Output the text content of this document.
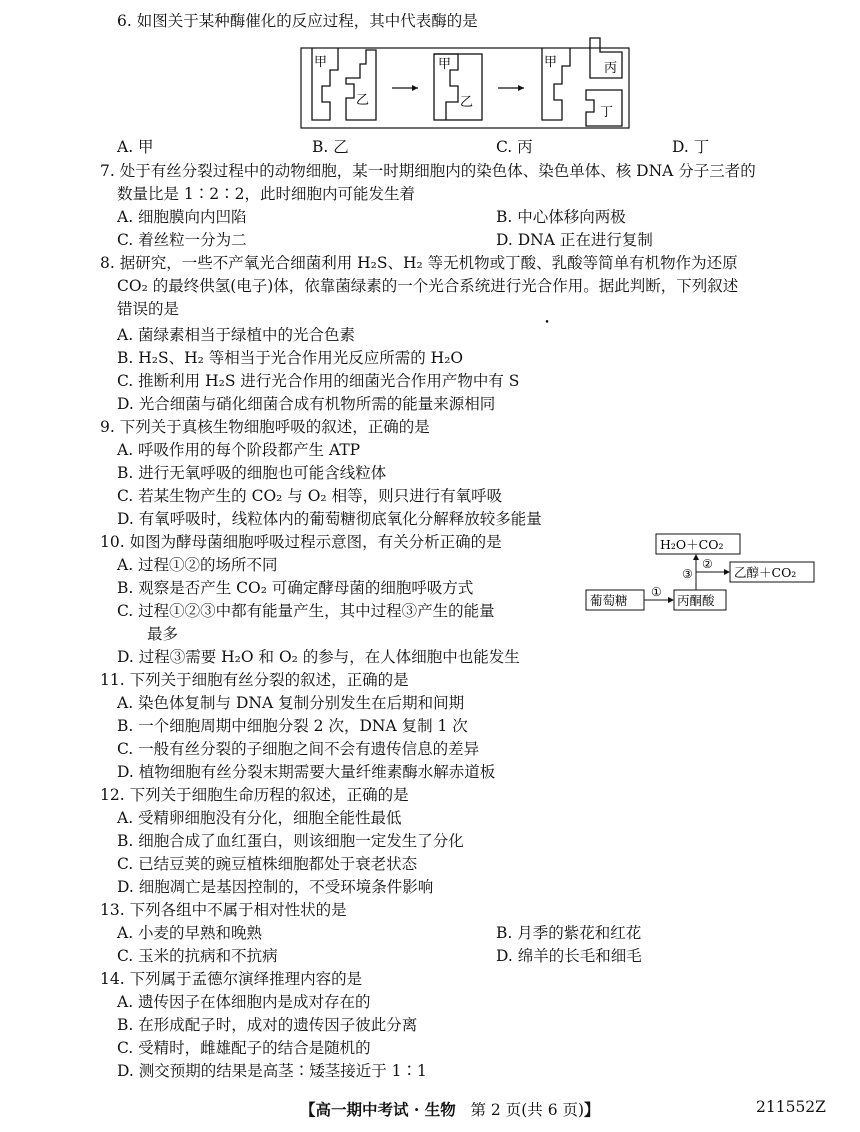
6. 如图关于某种酶催化的反应过程，其中代表酶的是
甲
乙
甲
乙
甲	丙
丁
A. 甲	B. 乙	C. 丙	D. 丁
7. 处于有丝分裂过程中的动物细胞，某一时期细胞内的染色体、染色单体、核 DNA 分子三者的
数量比是 1∶2∶2，此时细胞内可能发生着
A. 细胞膜向内凹陷	B. 中心体移向两极
C. 着丝粒一分为二	D. DNA 正在进行复制
8. 据研究，一些不产氧光合细菌利用 H₂S、H₂ 等无机物或丁酸、乳酸等简单有机物作为还原
CO₂ 的最终供氢(电子)体，依靠菌绿素的一个光合系统进行光合作用。据此判断，下列叙述
错误的是 •
A. 菌绿素相当于绿植中的光合色素
B. H₂S、H₂ 等相当于光合作用光反应所需的 H₂O
C. 推断利用 H₂S 进行光合作用的细菌光合作用产物中有 S
D. 光合细菌与硝化细菌合成有机物所需的能量来源相同
9. 下列关于真核生物细胞呼吸的叙述，正确的是
A. 呼吸作用的每个阶段都产生 ATP
B. 进行无氧呼吸的细胞也可能含线粒体
C. 若某生物产生的 CO₂ 与 O₂ 相等，则只进行有氧呼吸
D. 有氧呼吸时，线粒体内的葡萄糖彻底氧化分解释放较多能量
10. 如图为酵母菌细胞呼吸过程示意图，有关分析正确的是
A. 过程①②的场所不同
B. 观察是否产生 CO₂ 可确定酵母菌的细胞呼吸方式
C. 过程①②③中都有能量产生，其中过程③产生的能量
最多
D. 过程③需要 H₂O 和 O₂ 的参与，在人体细胞中也能发生
H₂O＋CO₂
乙醇＋CO₂
葡萄糖	丙酮酸
①
②
③
11. 下列关于细胞有丝分裂的叙述，正确的是
A. 染色体复制与 DNA 复制分别发生在后期和间期
B. 一个细胞周期中细胞分裂 2 次，DNA 复制 1 次
C. 一般有丝分裂的子细胞之间不会有遗传信息的差异
D. 植物细胞有丝分裂末期需要大量纤维素酶水解赤道板
12. 下列关于细胞生命历程的叙述，正确的是
A. 受精卵细胞没有分化，细胞全能性最低
B. 细胞合成了血红蛋白，则该细胞一定发生了分化
C. 已结豆荚的豌豆植株细胞都处于衰老状态
D. 细胞凋亡是基因控制的，不受环境条件影响
13. 下列各组中不属于相对性状的是
A. 小麦的早熟和晚熟	B. 月季的紫花和红花
C. 玉米的抗病和不抗病	D. 绵羊的长毛和细毛
14. 下列属于孟德尔演绎推理内容的是
A. 遗传因子在体细胞内是成对存在的
B. 在形成配子时，成对的遗传因子彼此分离
C. 受精时，雌雄配子的结合是随机的
D. 测交预期的结果是高茎∶矮茎接近于 1∶1
【高一期中考试 · 生物 第 2 页(共 6 页)】	211552Z
